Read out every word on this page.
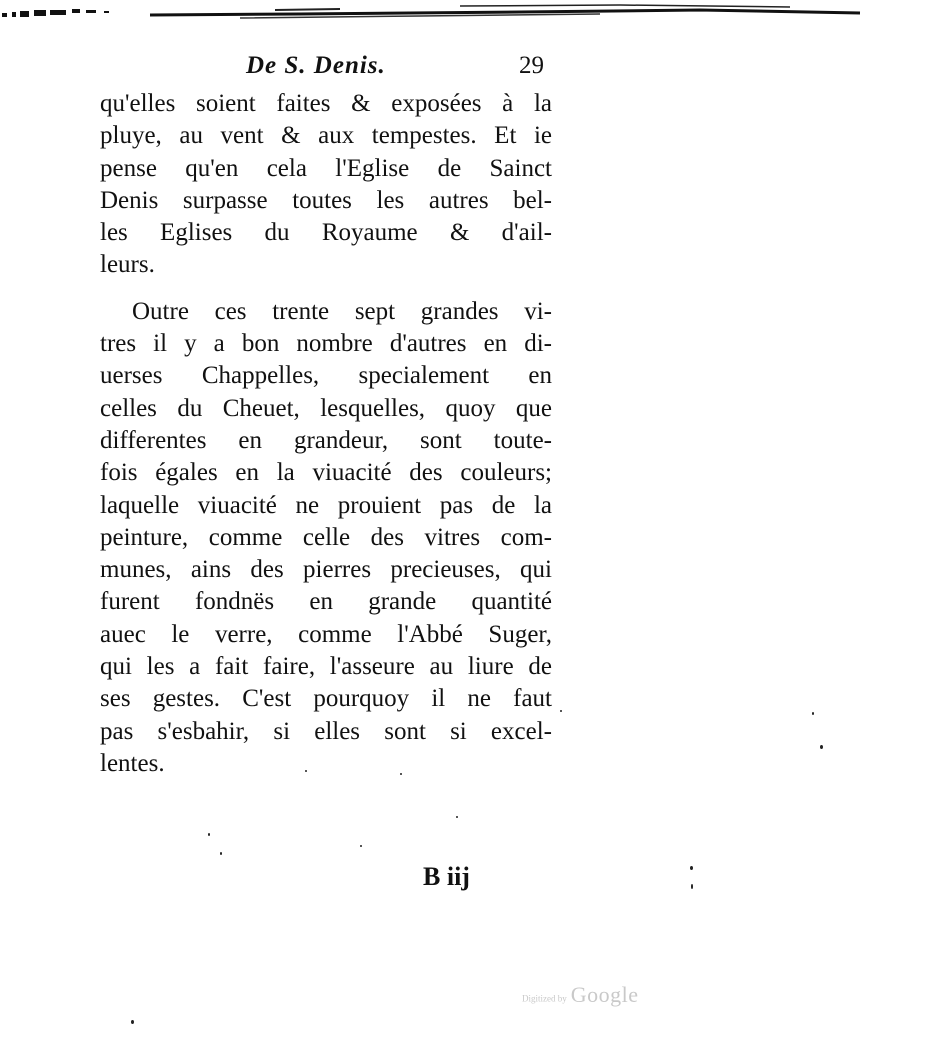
De S. Denis.	29
qu'elles soient faites & exposées à la
pluye, au vent & aux tempestes. Et ie
pense qu'en cela l'Eglise de Sainct
Denis surpasse toutes les autres bel-
les Eglises du Royaume & d'ail-
leurs.
Outre ces trente sept grandes vi-
tres il y a bon nombre d'autres en di-
uerses Chappelles, specialement en
celles du Cheuet, lesquelles, quoy que
differentes en grandeur, sont toute-
fois égales en la viuacité des couleurs;
laquelle viuacité ne prouient pas de la
peinture, comme celle des vitres com-
munes, ains des pierres precieuses, qui
furent fondnës en grande quantité
auec le verre, comme l'Abbé Suger,
qui les a fait faire, l'asseure au liure de
ses gestes. C'est pourquoy il ne faut
pas s'esbahir, si elles sont si excel-
lentes.
B iij
Digitized by Google
